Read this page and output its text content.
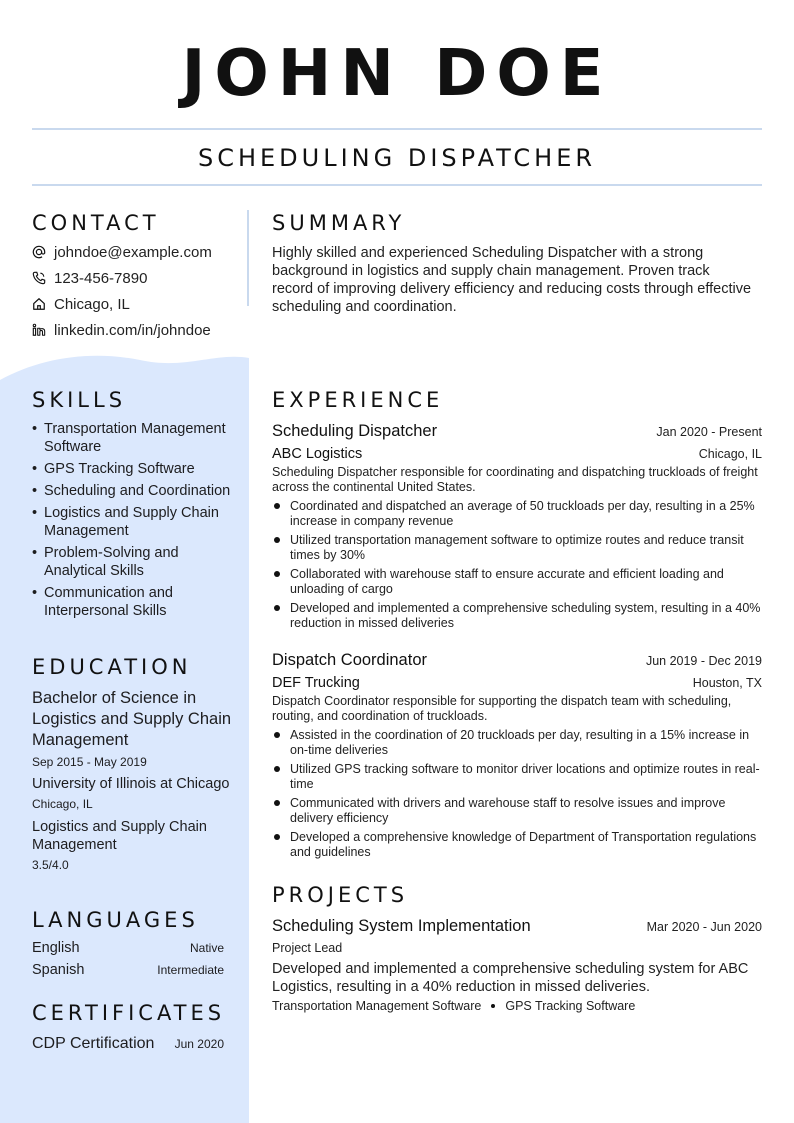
JOHN DOE
SCHEDULING DISPATCHER
CONTACT
johndoe@example.com
123-456-7890
Chicago, IL
linkedin.com/in/johndoe
SKILLS
• Transportation Management Software
• GPS Tracking Software
• Scheduling and Coordination
• Logistics and Supply Chain Management
• Problem-Solving and Analytical Skills
• Communication and Interpersonal Skills
EDUCATION
Bachelor of Science in Logistics and Supply Chain Management
Sep 2015 - May 2019
University of Illinois at Chicago
Chicago, IL
Logistics and Supply Chain Management
3.5/4.0
LANGUAGES
English	Native
Spanish	Intermediate
CERTIFICATES
CDP Certification Jun 2020
SUMMARY
Highly skilled and experienced Scheduling Dispatcher with a strong background in logistics and supply chain management. Proven track record of improving delivery efficiency and reducing costs through effective scheduling and coordination.
EXPERIENCE
Scheduling Dispatcher	Jan 2020 - Present
ABC Logistics	Chicago, IL
Scheduling Dispatcher responsible for coordinating and dispatching truckloads of freight across the continental United States.
Coordinated and dispatched an average of 50 truckloads per day, resulting in a 25% increase in company revenue
Utilized transportation management software to optimize routes and reduce transit times by 30%
Collaborated with warehouse staff to ensure accurate and efficient loading and unloading of cargo
Developed and implemented a comprehensive scheduling system, resulting in a 40% reduction in missed deliveries
Dispatch Coordinator	Jun 2019 - Dec 2019
DEF Trucking	Houston, TX
Dispatch Coordinator responsible for supporting the dispatch team with scheduling, routing, and coordination of truckloads.
Assisted in the coordination of 20 truckloads per day, resulting in a 15% increase in on-time deliveries
Utilized GPS tracking software to monitor driver locations and optimize routes in real-time
Communicated with drivers and warehouse staff to resolve issues and improve delivery efficiency
Developed a comprehensive knowledge of Department of Transportation regulations and guidelines
PROJECTS
Scheduling System Implementation	Mar 2020 - Jun 2020
Project Lead
Developed and implemented a comprehensive scheduling system for ABC Logistics, resulting in a 40% reduction in missed deliveries.
Transportation Management Software GPS Tracking Software
